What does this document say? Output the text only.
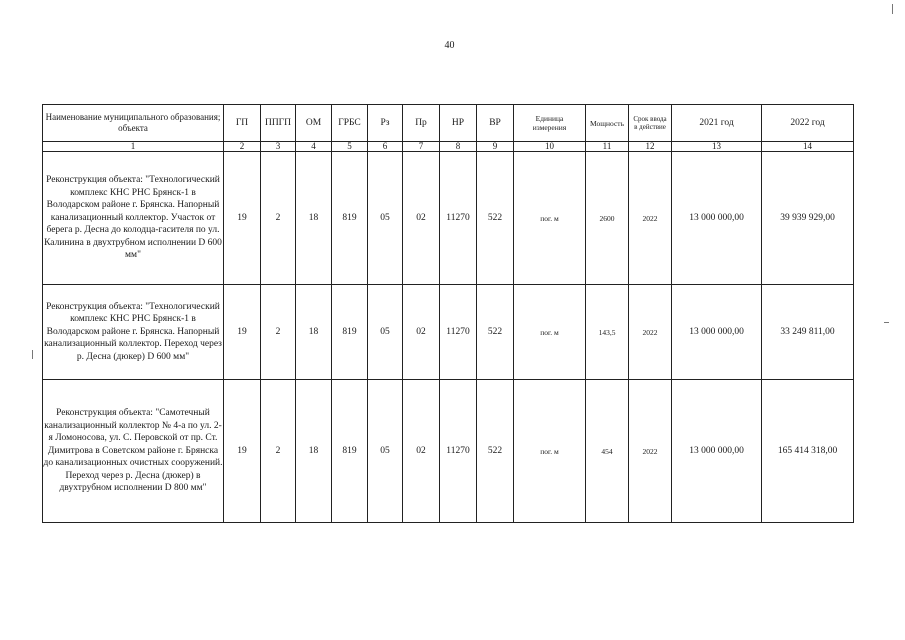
40
Наименование муниципального образования; объекта	ГП	ППГП	ОМ	ГРБС	Рз	Пр	НР	ВР	Единица измерения	Мощность	Срок ввода в действие	2021 год	2022 год
1	2	3	4	5	6	7	8	9	10	11	12	13	14
Реконструкция объекта: "Технологический комплекс КНС РНС Брянск-1 в Володарском районе г. Брянска. Напорный канализационный коллектор. Участок от берега р. Десна до колодца-гасителя по ул. Калинина в двухтрубном исполнении D 600 мм"	19	2	18	819	05	02	11270	522	пог. м	2600	2022	13 000 000,00	39 939 929,00
Реконструкция объекта: "Технологический комплекс КНС РНС Брянск-1 в Володарском районе г. Брянска. Напорный канализационный коллектор. Переход через р. Десна (дюкер) D 600 мм"	19	2	18	819	05	02	11270	522	пог. м	143,5	2022	13 000 000,00	33 249 811,00
Реконструкция объекта: "Самотечный канализационный коллектор № 4-а по ул. 2-я Ломоносова, ул. С. Перовской от пр. Ст. Димитрова в Советском районе г. Брянска до канализационных очистных сооружений. Переход через р. Десна (дюкер) в двухтрубном исполнении D 800 мм"	19	2	18	819	05	02	11270	522	пог. м	454	2022	13 000 000,00	165 414 318,00
